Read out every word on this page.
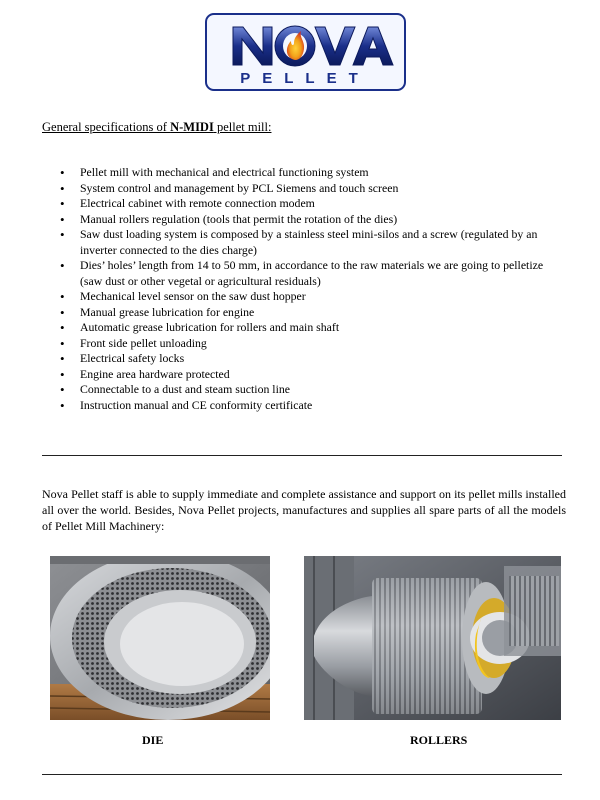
PELLET
General specifications of N-MIDI pellet mill:
• Pellet mill with mechanical and electrical functioning system
• System control and management by PCL Siemens and touch screen
• Electrical cabinet with remote connection modem
• Manual rollers regulation (tools that permit the rotation of the dies)
• Saw dust loading system is composed by a stainless steel mini-silos and a screw (regulated by an inverter connected to the dies charge)
• Dies’ holes’ length from 14 to 50 mm, in accordance to the raw materials we are going to pelletize (saw dust or other vegetal or agricultural residuals)
• Mechanical level sensor on the saw dust hopper
• Manual grease lubrication for engine
• Automatic grease lubrication for rollers and main shaft
• Front side pellet unloading
• Electrical safety locks
• Engine area hardware protected
• Connectable to a dust and steam suction line
• Instruction manual and CE conformity certificate
Nova Pellet staff is able to supply immediate and complete assistance and support on its pellet mills installed all over the world. Besides, Nova Pellet projects, manufactures and supplies all spare parts of all the models of Pellet Mill Machinery:
DIE	ROLLERS
